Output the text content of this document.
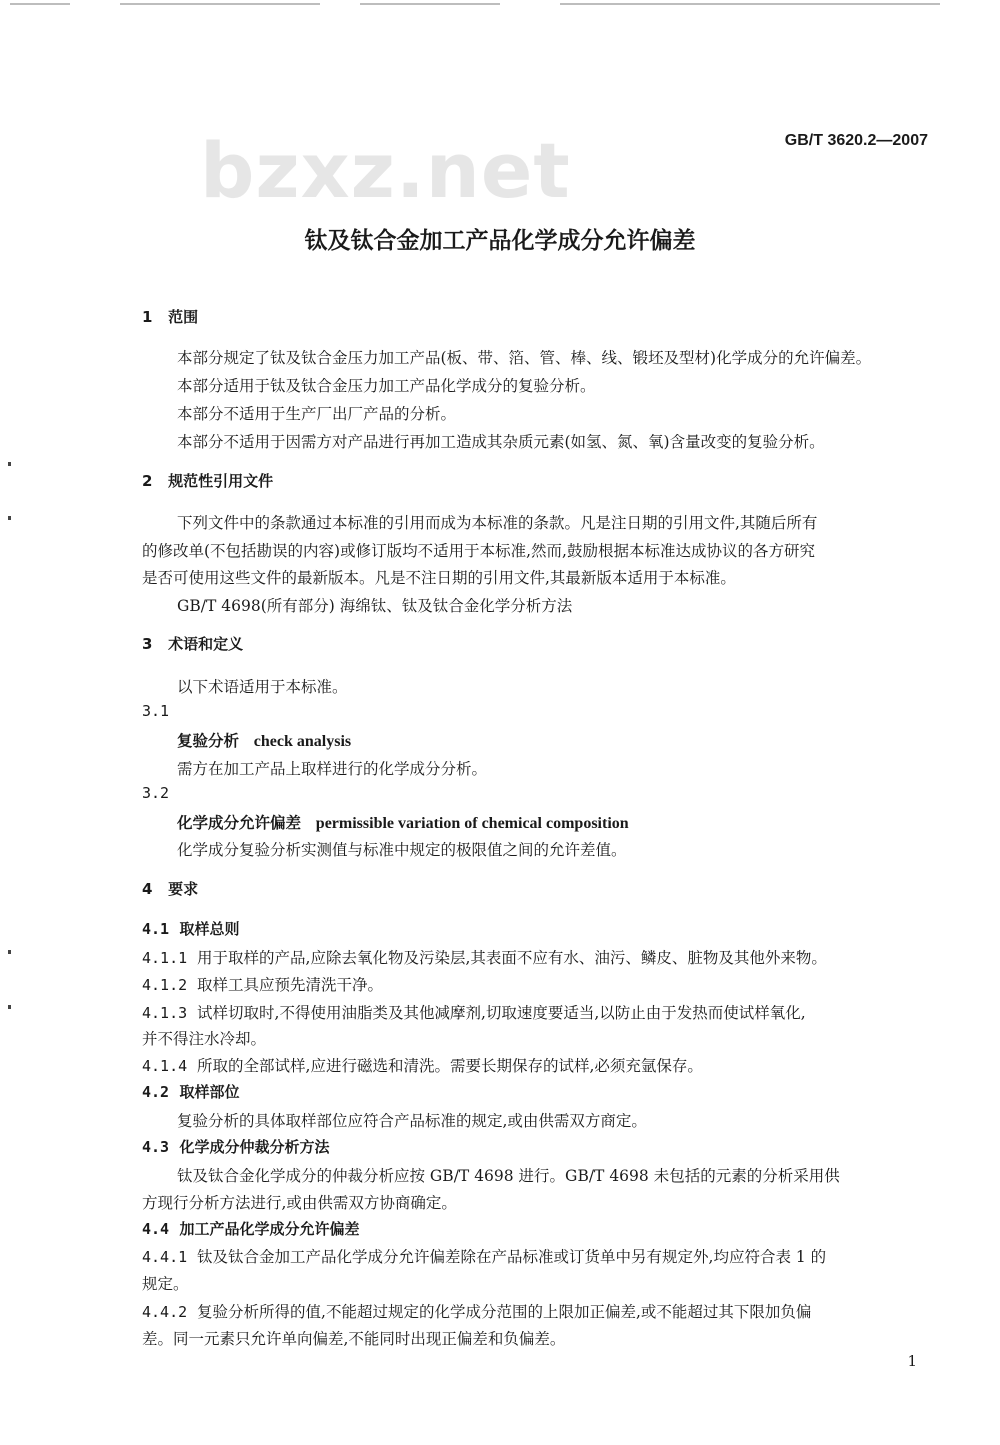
bzxz.net	GB/T 3620.2—2007
钛及钛合金加工产品化学成分允许偏差
1 范围
本部分规定了钛及钛合金压力加工产品(板、带、箔、管、棒、线、锻坯及型材)化学成分的允许偏差。
本部分适用于钛及钛合金压力加工产品化学成分的复验分析。
本部分不适用于生产厂出厂产品的分析。
本部分不适用于因需方对产品进行再加工造成其杂质元素(如氢、氮、氧)含量改变的复验分析。
2 规范性引用文件
下列文件中的条款通过本标准的引用而成为本标准的条款。凡是注日期的引用文件,其随后所有
的修改单(不包括勘误的内容)或修订版均不适用于本标准,然而,鼓励根据本标准达成协议的各方研究
是否可使用这些文件的最新版本。凡是不注日期的引用文件,其最新版本适用于本标准。
GB/T 4698(所有部分) 海绵钛、钛及钛合金化学分析方法
3 术语和定义
以下术语适用于本标准。
3.1
复验分析 check analysis
需方在加工产品上取样进行的化学成分分析。
3.2
化学成分允许偏差 permissible variation of chemical composition
化学成分复验分析实测值与标准中规定的极限值之间的允许差值。
4 要求
4.1 取样总则
4.1.1 用于取样的产品,应除去氧化物及污染层,其表面不应有水、油污、鳞皮、脏物及其他外来物。
4.1.2 取样工具应预先清洗干净。
4.1.3 试样切取时,不得使用油脂类及其他减摩剂,切取速度要适当,以防止由于发热而使试样氧化,
并不得注水冷却。
4.1.4 所取的全部试样,应进行磁选和清洗。需要长期保存的试样,必须充氩保存。
4.2 取样部位
复验分析的具体取样部位应符合产品标准的规定,或由供需双方商定。
4.3 化学成分仲裁分析方法
钛及钛合金化学成分的仲裁分析应按 GB/T 4698 进行。GB/T 4698 未包括的元素的分析采用供
方现行分析方法进行,或由供需双方协商确定。
4.4 加工产品化学成分允许偏差
4.4.1 钛及钛合金加工产品化学成分允许偏差除在产品标准或订货单中另有规定外,均应符合表 1 的
规定。
4.4.2 复验分析所得的值,不能超过规定的化学成分范围的上限加正偏差,或不能超过其下限加负偏
差。同一元素只允许单向偏差,不能同时出现正偏差和负偏差。
1
